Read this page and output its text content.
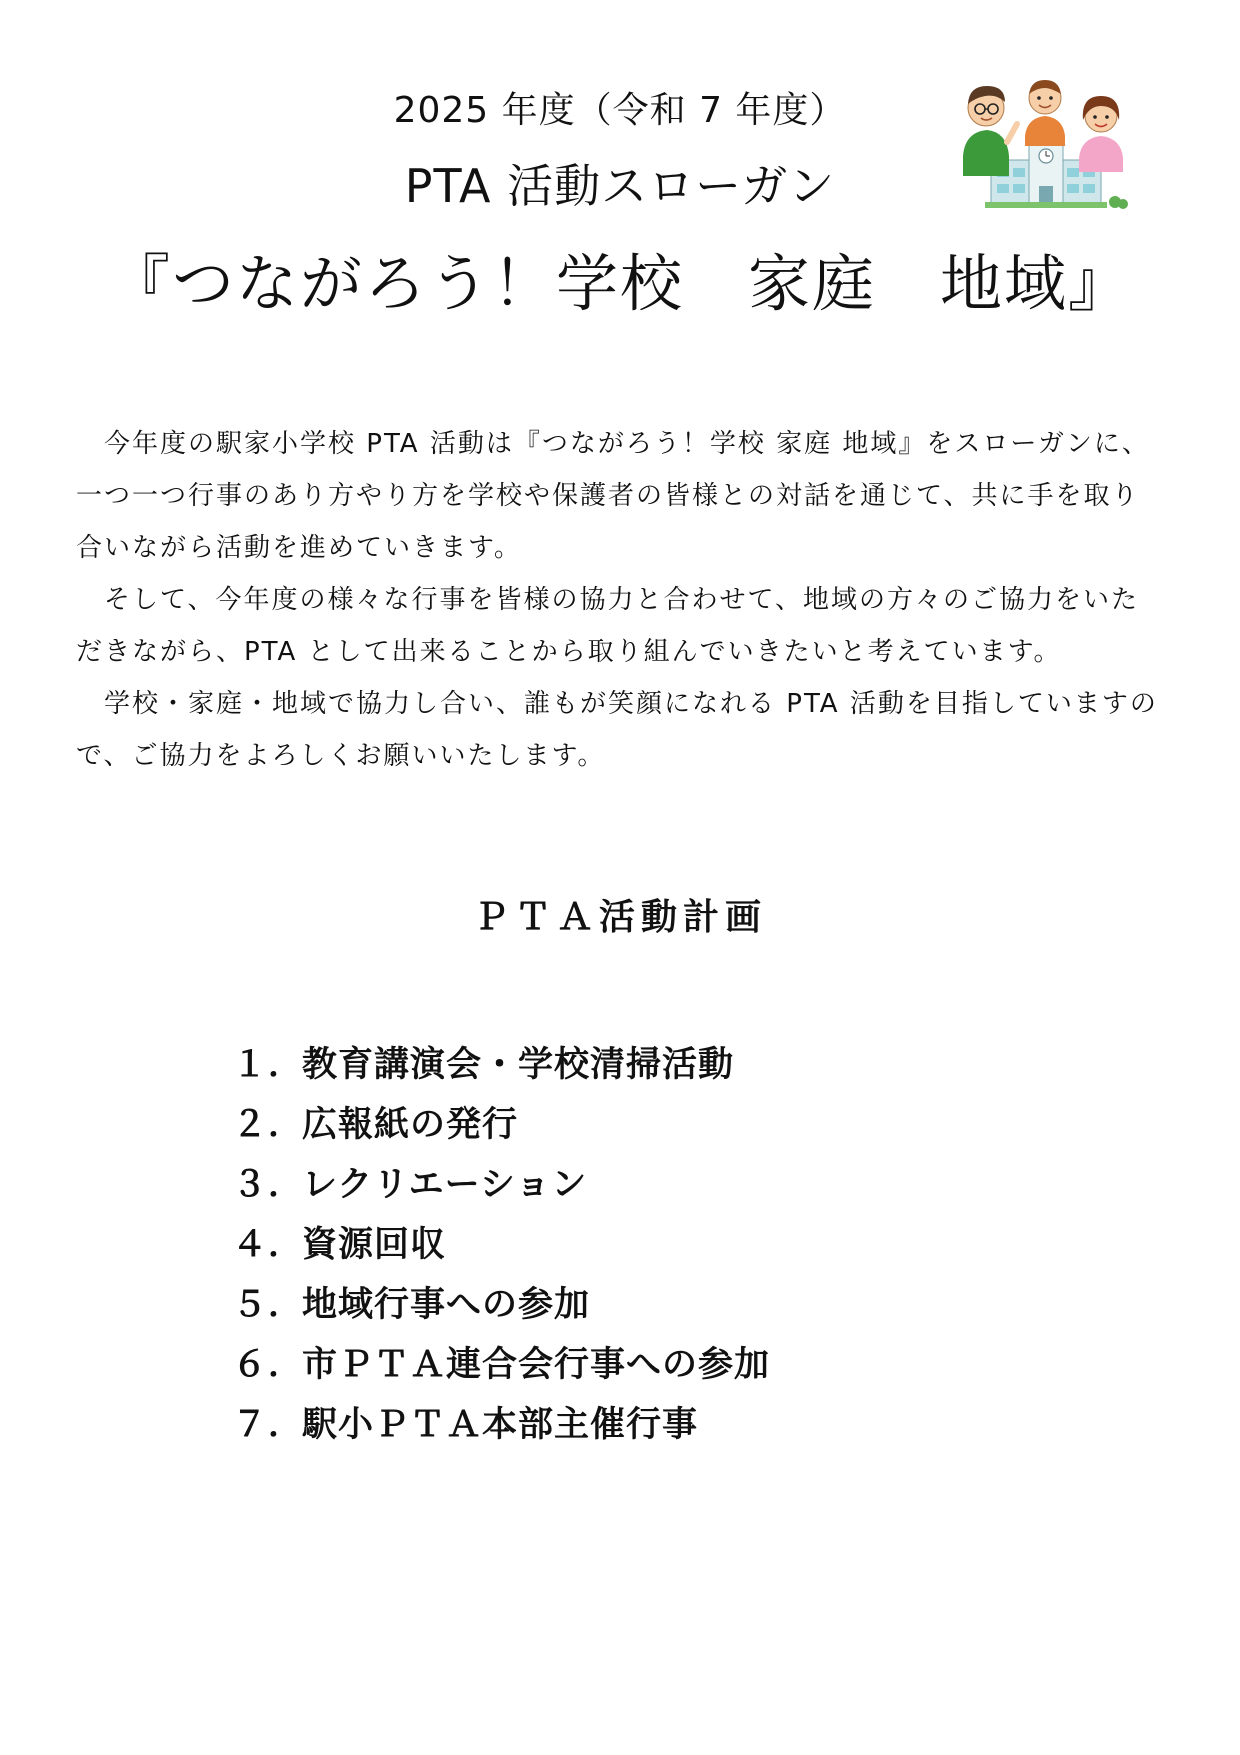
2025 年度（令和 7 年度）
PTA 活動スローガン
『つながろう！学校　家庭　地域』

今年度の駅家小学校 PTA 活動は『つながろう！学校 家庭 地域』をスローガンに、一つ一つ行事のあり方やり方を学校や保護者の皆様との対話を通じて、共に手を取り合いながら活動を進めていきます。

そして、今年度の様々な行事を皆様の協力と合わせて、地域の方々のご協力をいただきながら、PTA として出来ることから取り組んでいきたいと考えています。

学校・家庭・地域で協力し合い、誰もが笑顔になれる PTA 活動を目指していますので、ご協力をよろしくお願いいたします。

ＰＴＡ活動計画
１．
教育講演会・学校清掃活動
２．
広報紙の発行
３．
レクリエーション
４．
資源回収
５．
地域行事への参加
６．
市ＰＴＡ連合会行事への参加
７．
駅小ＰＴＡ本部主催行事
